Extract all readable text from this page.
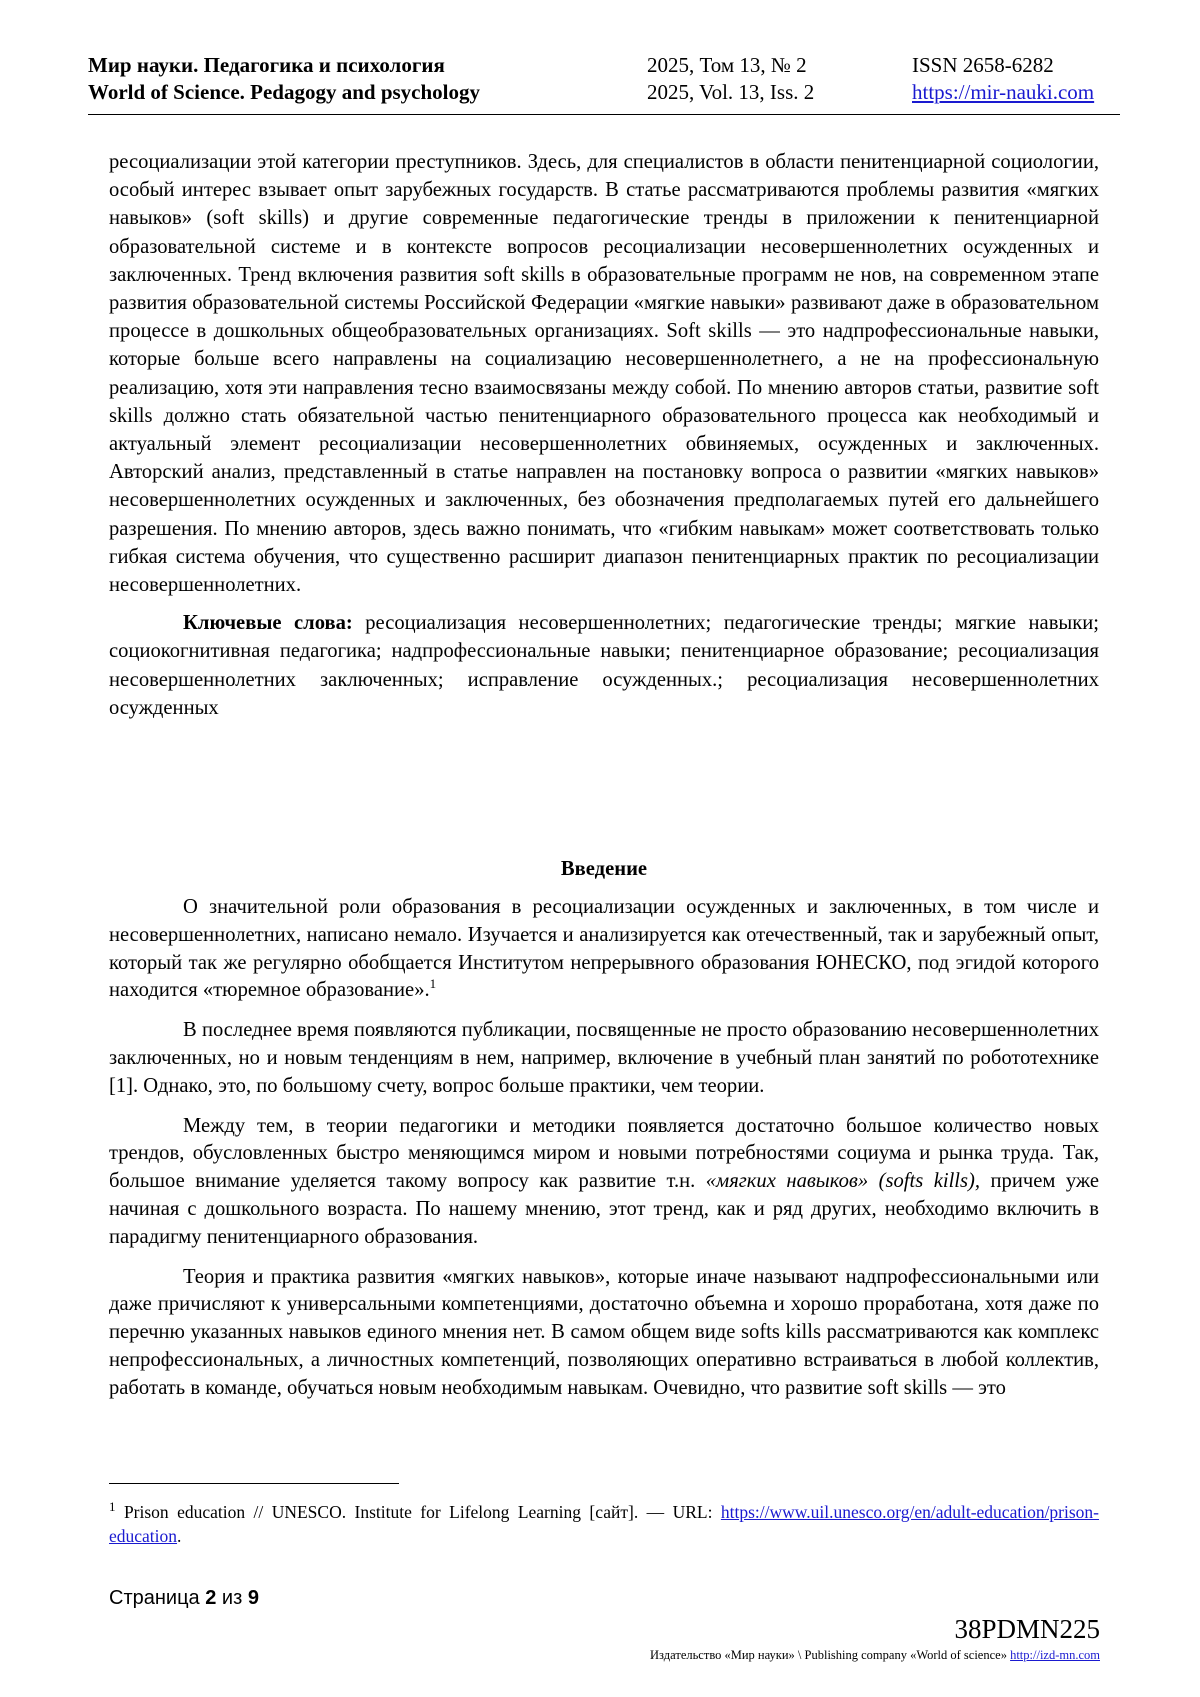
Мир науки. Педагогика и психология
World of Science. Pedagogy and psychology
2025, Том 13, № 2
2025, Vol. 13, Iss. 2
ISSN 2658-6282
https://mir-nauki.com

ресоциализации этой категории преступников. Здесь, для специалистов в области пенитенциарной социологии, особый интерес взывает опыт зарубежных государств. В статье рассматриваются проблемы развития «мягких навыков» (soft skills) и другие современные педагогические тренды в приложении к пенитенциарной образовательной системе и в контексте вопросов ресоциализации несовершеннолетних осужденных и заключенных. Тренд включения развития soft skills в образовательные программ не нов, на современном этапе развития образовательной системы Российской Федерации «мягкие навыки» развивают даже в образовательном процессе в дошкольных общеобразовательных организациях. Soft skills — это надпрофессиональные навыки, которые больше всего направлены на социализацию несовершеннолетнего, а не на профессиональную реализацию, хотя эти направления тесно взаимосвязаны между собой. По мнению авторов статьи, развитие soft skills должно стать обязательной частью пенитенциарного образовательного процесса как необходимый и актуальный элемент ресоциализации несовершеннолетних обвиняемых, осужденных и заключенных. Авторский анализ, представленный в статье направлен на постановку вопроса о развитии «мягких навыков» несовершеннолетних осужденных и заключенных, без обозначения предполагаемых путей его дальнейшего разрешения. По мнению авторов, здесь важно понимать, что «гибким навыкам» может соответствовать только гибкая система обучения, что существенно расширит диапазон пенитенциарных практик по ресоциализации несовершеннолетних.

Ключевые слова: ресоциализация несовершеннолетних; педагогические тренды; мягкие навыки; социокогнитивная педагогика; надпрофессиональные навыки; пенитенциарное образование; ресоциализация несовершеннолетних заключенных; исправление осужденных.; ресоциализация несовершеннолетних осужденных

Введение

О значительной роли образования в ресоциализации осужденных и заключенных, в том числе и несовершеннолетних, написано немало. Изучается и анализируется как отечественный, так и зарубежный опыт, который так же регулярно обобщается Институтом непрерывного образования ЮНЕСКО, под эгидой которого находится «тюремное образование».$^1$

В последнее время появляются публикации, посвященные не просто образованию несовершеннолетних заключенных, но и новым тенденциям в нем, например, включение в учебный план занятий по робототехнике [1]. Однако, это, по большому счету, вопрос больше практики, чем теории.

Между тем, в теории педагогики и методики появляется достаточно большое количество новых трендов, обусловленных быстро меняющимся миром и новыми потребностями социума и рынка труда. Так, большое внимание уделяется такому вопросу как развитие т.н. «мягких навыков» (softs kills), причем уже начиная с дошкольного возраста. По нашему мнению, этот тренд, как и ряд других, необходимо включить в парадигму пенитенциарного образования.

Теория и практика развития «мягких навыков», которые иначе называют надпрофессиональными или даже причисляют к универсальными компетенциями, достаточно объемна и хорошо проработана, хотя даже по перечню указанных навыков единого мнения нет. В самом общем виде softs kills рассматриваются как комплекс непрофессиональных, а личностных компетенций, позволяющих оперативно встраиваться в любой коллектив, работать в команде, обучаться новым необходимым навыкам. Очевидно, что развитие soft skills — это

$^1$ Prison education // UNESCO. Institute for Lifelong Learning [сайт]. — URL: https://www.uil.unesco.org/en/adult-education/prison-education.
Страница 2 из 9
38PDMN225
Издательство «Мир науки» \ Publishing company «World of science» http://izd-mn.com
